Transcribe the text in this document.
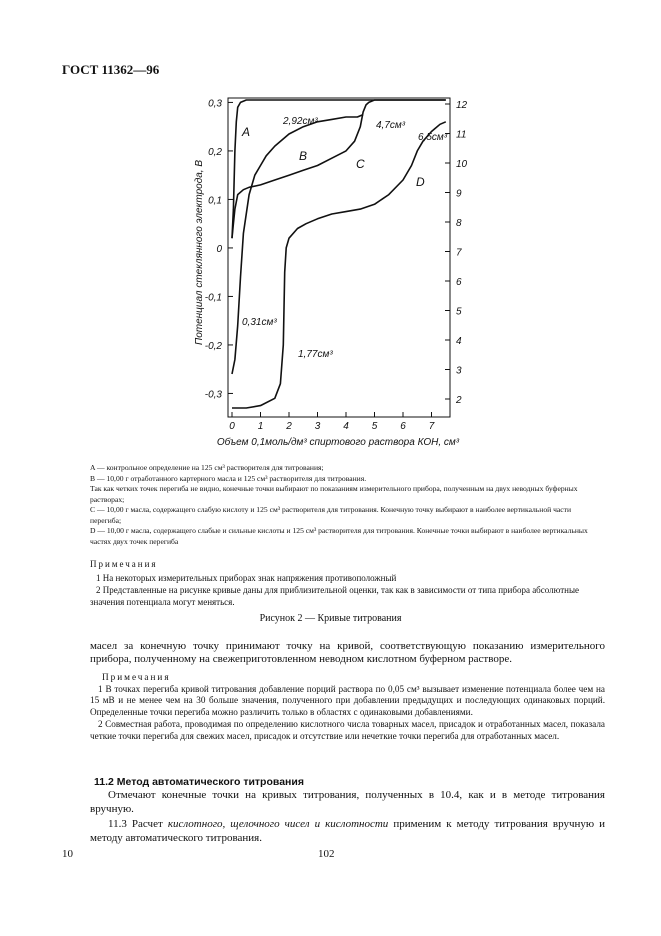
ГОСТ 11362—96
0 1 2 3 4 5 6 7
Объем 0,1моль/дм³ спиртового раствора КОН, см³
0,3
0,2
0,1
0
-0,1
-0,2
-0,3
12
11
10
9
8
7
6
5
4
3
2
Потенциал стеклянного электрода, В
A
B
C
D
2,92см³	4,7см³
6,5см³
0,31см³
1,77см³

A — контрольное определение на 125 см³ растворителя для титрования;

B — 10,00 г отработанного картерного масла и 125 см³ растворителя для титрования.

Так как четких точек перегиба не видно, конечные точки выбирают по показаниям измерительного прибора, полученным на двух неводных буферных растворах;

C — 10,00 г масла, содержащего слабую кислоту и 125 см³ растворителя для титрования. Конечную точку выбирают в наиболее вертикальной части перегиба;

D — 10,00 г масла, содержащего слабые и сильные кислоты и 125 см³ растворителя для титрования. Конечные точки выбирают в наиболее вертикальных частях двух точек перегиба

Примечания

1 На некоторых измерительных приборах знак напряжения противоположный

2 Представленные на рисунке кривые даны для приблизительной оценки, так как в зависимости от типа прибора абсолютные значения потенциала могут меняться.

Рисунок 2 — Кривые титрования

масел за конечную точку принимают точку на кривой, соответствующую показанию измерительного прибора, полученному на свежеприготовленном неводном кислотном буферном растворе.

Примечания

1 В точках перегиба кривой титрования добавление порций раствора по 0,05 см³ вызывает изменение потенциала более чем на 15 мВ и не менее чем на 30 больше значения, полученного при добавлении предыдущих и последующих одинаковых порций. Определенные точки перегиба можно различить только в областях с одинаковыми добавлениями.

2 Совместная работа, проводимая по определению кислотного числа товарных масел, присадок и отработанных масел, показала четкие точки перегиба для свежих масел, присадок и отсутствие или нечеткие точки перегиба для отработанных масел.

11.2 Метод автоматического титрования

Отмечают конечные точки на кривых титрования, полученных в 10.4, как и в методе титрования вручную.

11.3 Расчет кислотного, щелочного чисел и кислотности применим к методу титрования вручную и методу автоматического титрования.

10	102
